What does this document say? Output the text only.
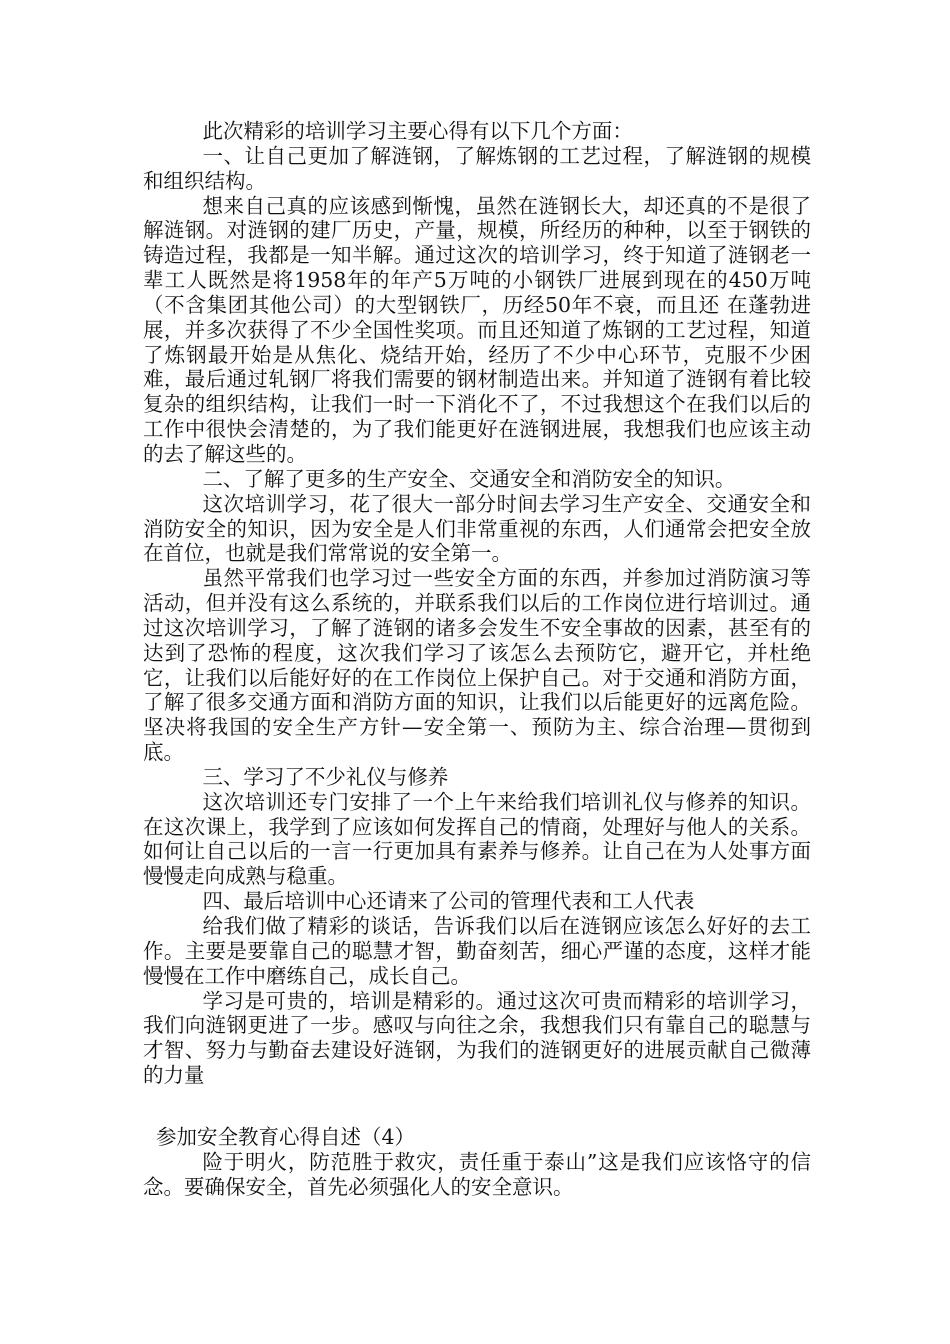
此次精彩的培训学习主要心得有以下几个方面：

一、让自己更加了解涟钢，了解炼钢的工艺过程，了解涟钢的规模和组织结构。

想来自己真的应该感到惭愧，虽然在涟钢长大，却还真的不是很了解涟钢。对涟钢的建厂历史，产量，规模，所经历的种种，以至于钢铁的铸造过程，我都是一知半解。通过这次的培训学习，终于知道了涟钢老一辈工人既然是将1958年的年产5万吨的小钢铁厂进展到现在的450万吨（不含集团其他公司）的大型钢铁厂，历经50年不衰，而且还 在蓬勃进展，并多次获得了不少全国性奖项。而且还知道了炼钢的工艺过程，知道了炼钢最开始是从焦化、烧结开始，经历了不少中心环节，克服不少困难，最后通过轧钢厂将我们需要的钢材制造出来。并知道了涟钢有着比较复杂的组织结构，让我们一时一下消化不了，不过我想这个在我们以后的工作中很快会清楚的，为了我们能更好在涟钢进展，我想我们也应该主动的去了解这些的。

二、了解了更多的生产安全、交通安全和消防安全的知识。

这次培训学习，花了很大一部分时间去学习生产安全、交通安全和消防安全的知识，因为安全是人们非常重视的东西，人们通常会把安全放在首位，也就是我们常常说的安全第一。

虽然平常我们也学习过一些安全方面的东西，并参加过消防演习等活动，但并没有这么系统的，并联系我们以后的工作岗位进行培训过。通过这次培训学习，了解了涟钢的诸多会发生不安全事故的因素，甚至有的达到了恐怖的程度，这次我们学习了该怎么去预防它，避开它，并杜绝它，让我们以后能好好的在工作岗位上保护自己。对于交通和消防方面，了解了很多交通方面和消防方面的知识，让我们以后能更好的远离危险。坚决将我国的安全生产方针—安全第一、预防为主、综合治理—贯彻到底。

三、学习了不少礼仪与修养

这次培训还专门安排了一个上午来给我们培训礼仪与修养的知识。在这次课上，我学到了应该如何发挥自己的情商，处理好与他人的关系。如何让自己以后的一言一行更加具有素养与修养。让自己在为人处事方面慢慢走向成熟与稳重。

四、最后培训中心还请来了公司的管理代表和工人代表

给我们做了精彩的谈话，告诉我们以后在涟钢应该怎么好好的去工作。主要是要靠自己的聪慧才智，勤奋刻苦，细心严谨的态度，这样才能慢慢在工作中磨练自己，成长自己。

学习是可贵的，培训是精彩的。通过这次可贵而精彩的培训学习，我们向涟钢更进了一步。感叹与向往之余，我想我们只有靠自己的聪慧与才智、努力与勤奋去建设好涟钢，为我们的涟钢更好的进展贡献自己微薄的力量

参加安全教育心得自述（4）

险于明火，防范胜于救灾，责任重于泰山”这是我们应该恪守的信念。要确保安全，首先必须强化人的安全意识。
